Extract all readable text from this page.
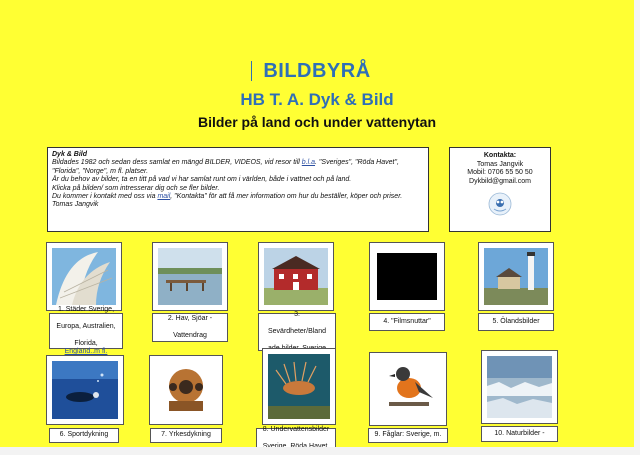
BILDBYRÅ
HB T. A. Dyk & Bild
Bilder på land och under vattenytan

Dyk & Bild

Bildades 1982 och sedan dess samlat en mängd BILDER, VIDEOS, vid resor till b.l.a. "Sveriges", "Röda Havet",

"Florida", "Norge", m fl. platser.

Är du behov av bilder, ta en titt på vad vi har samlat runt om i världen, både i vattnet och på land.

Klicka på bilden/ som intresserar dig och se fler bilder.

Du kommer i kontakt med oss via mail, "Kontakta" för att få mer information om hur du beställer, köper och priser.

Tomas Jangvik

Kontakta:
Tomas Jangvik
Mobil: 0706 55 50 50
Dykbild@gmail.com
1. Städer Sverige,

Europa, Australien,

Florida,
England..m fl.
2. Hav, Sjöar -

Vattendrag
3.

Sevärdheter/Bland

4. "Filmsnuttar"	5. Ölandsbilder
6. Sportdykning	7. Yrkesdykning
8. Undervattensbilder

9. Fåglar: Sverige, m.	10. Naturbilder -
